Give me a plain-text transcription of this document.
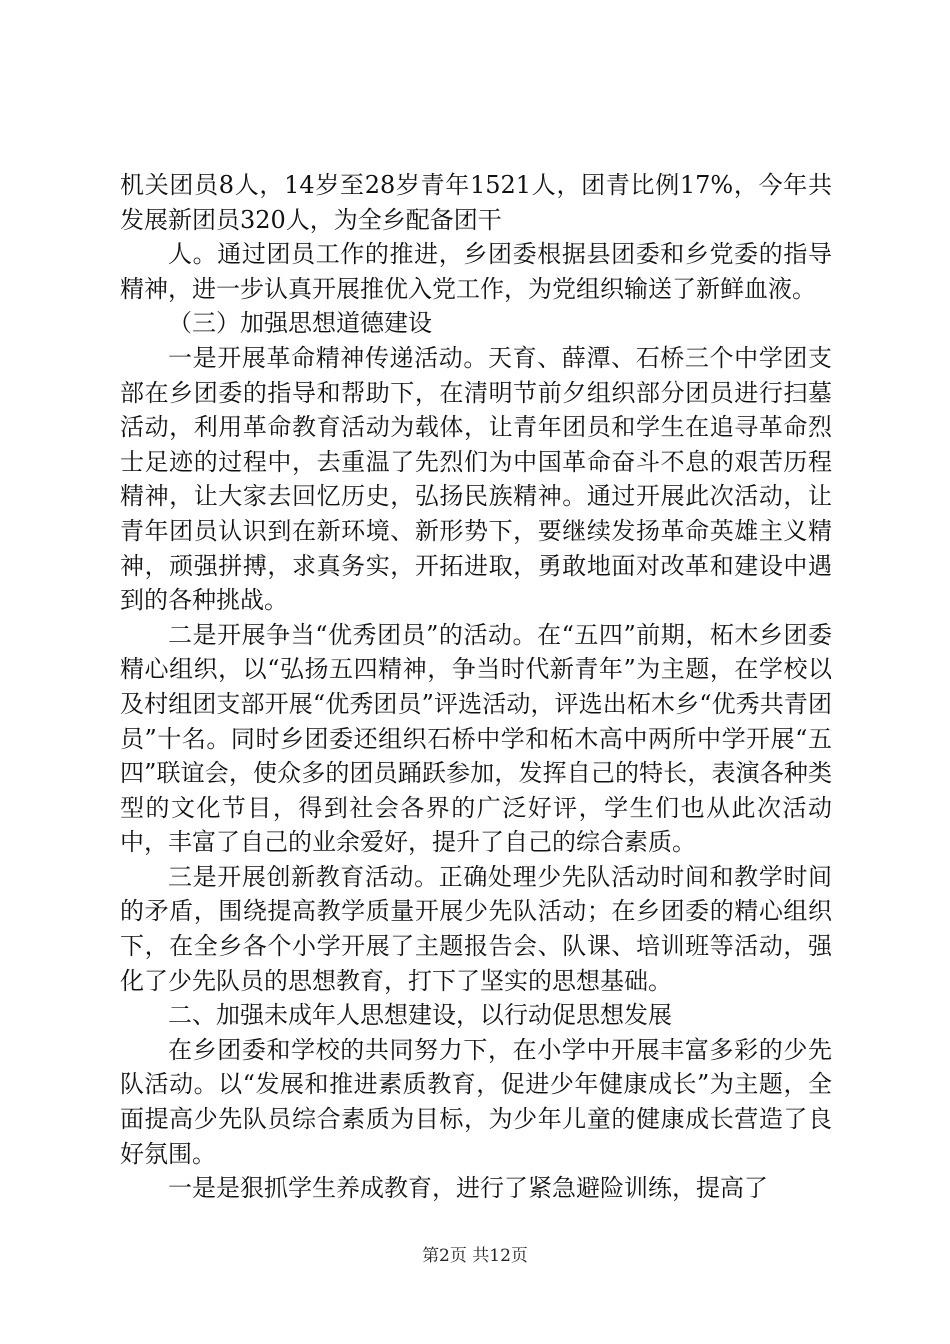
机关团员8人，14岁至28岁青年1521人，团青比例17%，今年共发展新团员320人，为全乡配备团干

人。通过团员工作的推进，乡团委根据县团委和乡党委的指导精神，进一步认真开展推优入党工作，为党组织输送了新鲜血液。

（三）加强思想道德建设

一是开展革命精神传递活动。天育、薛潭、石桥三个中学团支部在乡团委的指导和帮助下，在清明节前夕组织部分团员进行扫墓活动，利用革命教育活动为载体，让青年团员和学生在追寻革命烈士足迹的过程中，去重温了先烈们为中国革命奋斗不息的艰苦历程精神，让大家去回忆历史，弘扬民族精神。通过开展此次活动，让青年团员认识到在新环境、新形势下，要继续发扬革命英雄主义精神，顽强拼搏，求真务实，开拓进取，勇敢地面对改革和建设中遇到的各种挑战。

二是开展争当“优秀团员”的活动。在“五四”前期，柘木乡团委精心组织，以“弘扬五四精神，争当时代新青年”为主题，在学校以及村组团支部开展“优秀团员”评选活动，评选出柘木乡“优秀共青团员”十名。同时乡团委还组织石桥中学和柘木高中两所中学开展“五四”联谊会，使众多的团员踊跃参加，发挥自己的特长，表演各种类型的文化节目，得到社会各界的广泛好评，学生们也从此次活动中，丰富了自己的业余爱好，提升了自己的综合素质。

三是开展创新教育活动。正确处理少先队活动时间和教学时间的矛盾，围绕提高教学质量开展少先队活动；在乡团委的精心组织下，在全乡各个小学开展了主题报告会、队课、培训班等活动，强化了少先队员的思想教育，打下了坚实的思想基础。

二、加强未成年人思想建设，以行动促思想发展

在乡团委和学校的共同努力下，在小学中开展丰富多彩的少先队活动。以“发展和推进素质教育，促进少年健康成长”为主题，全面提高少先队员综合素质为目标，为少年儿童的健康成长营造了良好氛围。

一是是狠抓学生养成教育，进行了紧急避险训练，提高了

第2页 共12页
